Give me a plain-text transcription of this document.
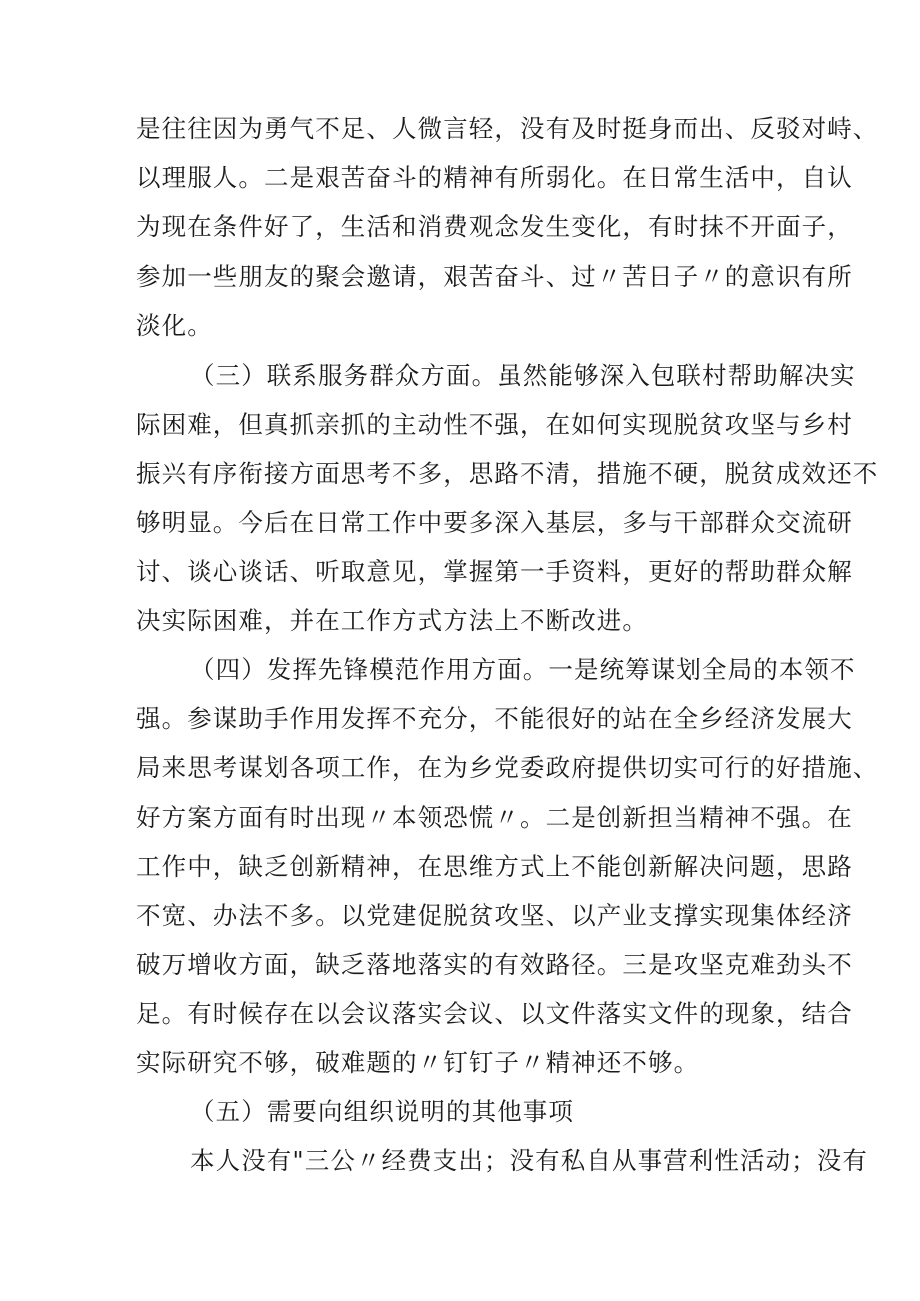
是往往因为勇气不足、人微言轻，没有及时挺身而出、反驳对峙、
以理服人。二是艰苦奋斗的精神有所弱化。在日常生活中，自认
为现在条件好了，生活和消费观念发生变化，有时抹不开面子，
参加一些朋友的聚会邀请，艰苦奋斗、过〃苦日子〃的意识有所
淡化。
（三）联系服务群众方面。虽然能够深入包联村帮助解决实
际困难，但真抓亲抓的主动性不强，在如何实现脱贫攻坚与乡村
振兴有序衔接方面思考不多，思路不清，措施不硬，脱贫成效还不
够明显。今后在日常工作中要多深入基层，多与干部群众交流研
讨、谈心谈话、听取意见，掌握第一手资料，更好的帮助群众解
决实际困难，并在工作方式方法上不断改进。
（四）发挥先锋模范作用方面。一是统筹谋划全局的本领不
强。参谋助手作用发挥不充分，不能很好的站在全乡经济发展大
局来思考谋划各项工作，在为乡党委政府提供切实可行的好措施、
好方案方面有时出现〃本领恐慌〃。二是创新担当精神不强。在
工作中，缺乏创新精神，在思维方式上不能创新解决问题，思路
不宽、办法不多。以党建促脱贫攻坚、以产业支撑实现集体经济
破万增收方面，缺乏落地落实的有效路径。三是攻坚克难劲头不
足。有时候存在以会议落实会议、以文件落实文件的现象，结合
实际研究不够，破难题的〃钉钉子〃精神还不够。
（五）需要向组织说明的其他事项
本人没有"三公〃经费支出；没有私自从事营利性活动；没有
